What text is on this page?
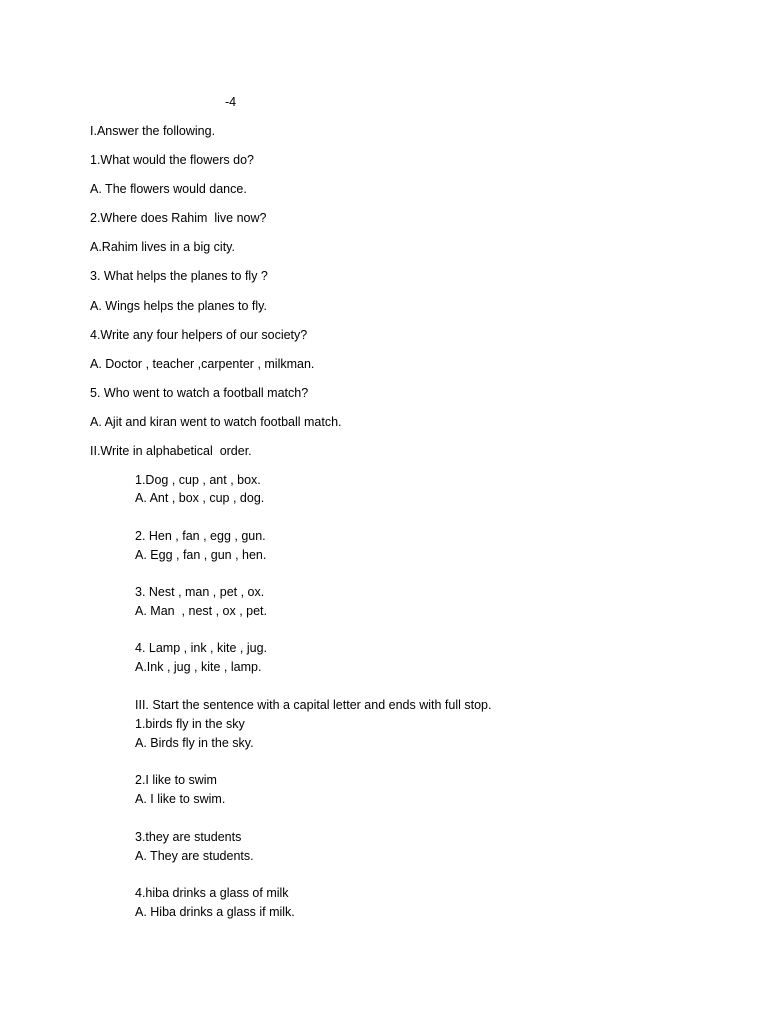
-4

I.Answer the following.

1.What would the flowers do?

A. The flowers would dance.

2.Where does Rahim  live now?

A.Rahim lives in a big city.

3. What helps the planes to fly ?

A. Wings helps the planes to fly.

4.Write any four helpers of our society?

A. Doctor , teacher ,carpenter , milkman.

5. Who went to watch a football match?

A. Ajit and kiran went to watch football match.

II.Write in alphabetical  order.

1.Dog , cup , ant , box.

A. Ant , box , cup , dog.

2. Hen , fan , egg , gun.

A. Egg , fan , gun , hen.

3. Nest , man , pet , ox.

A. Man  , nest , ox , pet.

4. Lamp , ink , kite , jug.

A.Ink , jug , kite , lamp.

III. Start the sentence with a capital letter and ends with full stop.

1.birds fly in the sky

A. Birds fly in the sky.

2.I like to swim

A. I like to swim.

3.they are students

A. They are students.

4.hiba drinks a glass of milk

A. Hiba drinks a glass if milk.
